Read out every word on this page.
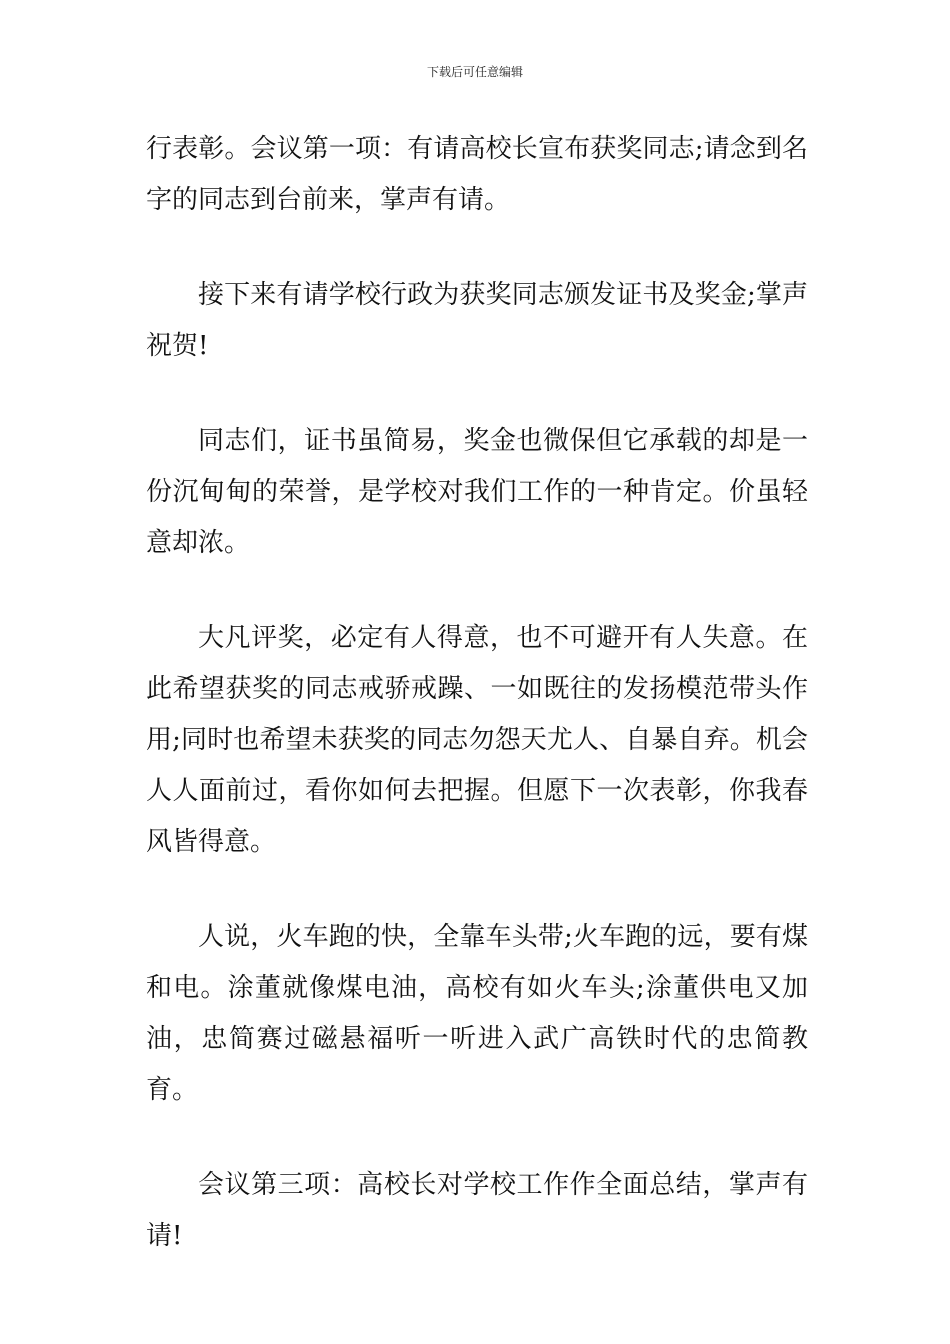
下载后可任意编辑

行表彰。会议第一项：有请高校长宣布获奖同志;请念到名字的同志到台前来，掌声有请。

接下来有请学校行政为获奖同志颁发证书及奖金;掌声祝贺!

同志们，证书虽简易，奖金也微保但它承载的却是一份沉甸甸的荣誉，是学校对我们工作的一种肯定。价虽轻意却浓。

大凡评奖，必定有人得意，也不可避开有人失意。在此希望获奖的同志戒骄戒躁、一如既往的发扬模范带头作用;同时也希望未获奖的同志勿怨天尤人、自暴自弃。机会人人面前过，看你如何去把握。但愿下一次表彰，你我春风皆得意。

人说，火车跑的快，全靠车头带;火车跑的远，要有煤和电。涂董就像煤电油，高校有如火车头;涂董供电又加油，忠简赛过磁悬福听一听进入武广高铁时代的忠简教育。

会议第三项：高校长对学校工作作全面总结，掌声有请!
